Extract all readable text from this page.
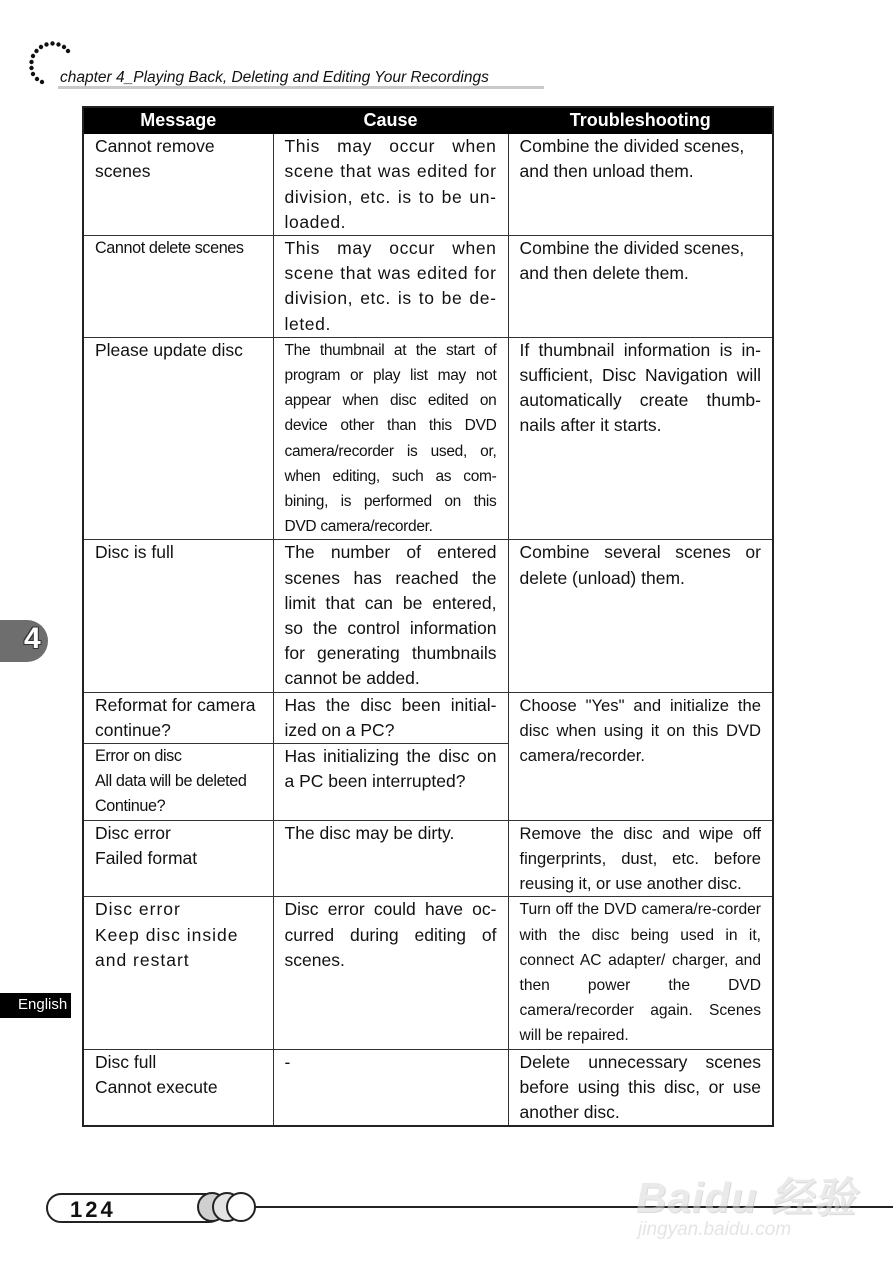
chapter 4_Playing Back, Deleting and Editing Your Recordings
Message	Cause	Troubleshooting
Cannot remove
scenes	This may occur when scene that was edited for division, etc. is to be un-loaded.	Combine the divided scenes, and then unload them.
Cannot delete scenes	This may occur when scene that was edited for division, etc. is to be de-leted.	Combine the divided scenes, and then delete them.
Please update disc	The thumbnail at the start of program or play list may not appear when disc edited on device other than this DVD camera/recorder is used, or, when editing, such as com-bining, is performed on this DVD camera/recorder.	If thumbnail information is in-sufficient, Disc Navigation will automatically create thumb-nails after it starts.
Disc is full	The number of entered scenes has reached the limit that can be entered, so the control information for generating thumbnails cannot be added.	Combine several scenes or delete (unload) them.
Reformat for camera
continue?	Has the disc been initial-ized on a PC?	Choose "Yes" and initialize the disc when using it on this DVD camera/recorder.
Error on disc
All data will be deleted
Continue?	Has initializing the disc on a PC been interrupted?	
Disc error
Failed format	The disc may be dirty.	Remove the disc and wipe off fingerprints, dust, etc. before reusing it, or use another disc.
Disc error
Keep disc inside
and restart	Disc error could have oc-curred during editing of scenes.	Turn off the DVD camera/re-corder with the disc being used in it, connect AC adapter/ charger, and then power the DVD camera/recorder again. Scenes will be repaired.
Disc full
Cannot execute	-	Delete unnecessary scenes before using this disc, or use another disc.
4
English
124	Baidu 经验
jingyan.baidu.com
